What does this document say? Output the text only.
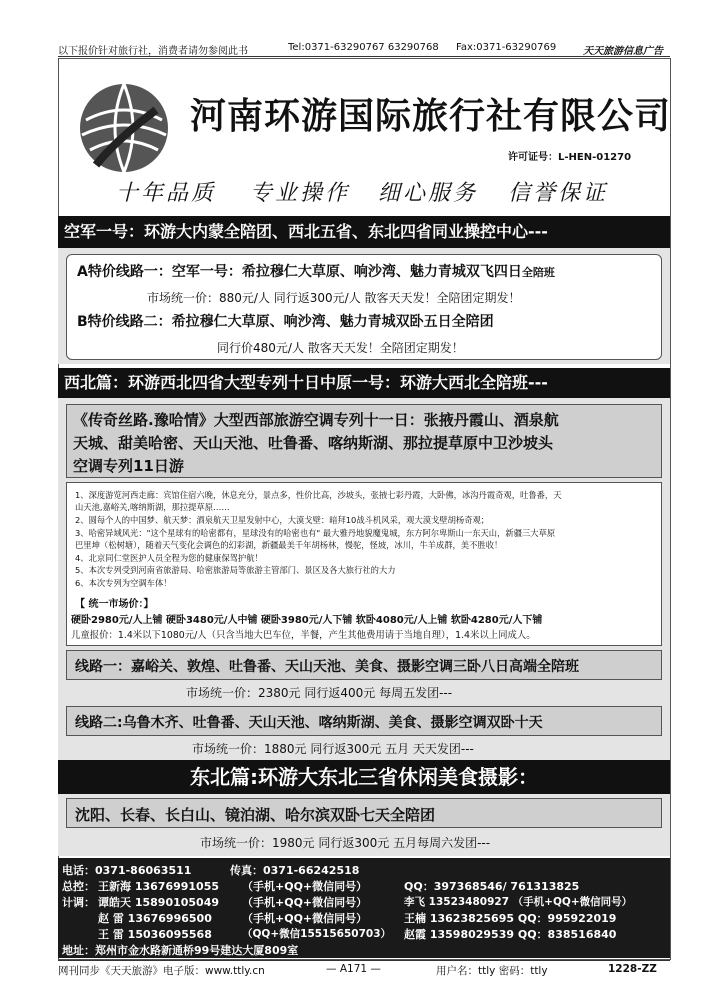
以下报价针对旅行社，消费者请勿参阅此书	Tel:0371-63290767 63290768 Fax:0371-63290769	天天旅游信息广告
河南环游国际旅行社有限公司
许可证号：L-HEN-01270
十年品质 专业操作 细心服务 信誉保证
空军一号：环游大内蒙全陪团、西北五省、东北四省同业操控中心---
A特价线路一：空军一号：希拉穆仁大草原、响沙湾、魅力青城双飞四日全陪班
市场统一价：880元/人 同行返300元/人 散客天天发！全陪团定期发！
B特价线路二：希拉穆仁大草原、响沙湾、魅力青城双卧五日全陪团
同行价480元/人 散客天天发！全陪团定期发！
西北篇：环游西北四省大型专列十日中原一号：环游大西北全陪班---
《传奇丝路.豫哈情》大型西部旅游空调专列十一日：张掖丹霞山、酒泉航
天城、甜美哈密、天山天池、吐鲁番、喀纳斯湖、那拉提草原中卫沙坡头
空调专列11日游
1、深度游览河西走廊：宾馆住宿六晚，休息充分，景点多，性价比高，沙坡头，张掖七彩丹霞，大卧佛，冰沟丹霞奇观，吐鲁番，天
山天池,嘉峪关,喀纳斯湖，那拉提草原……
2、圆每个人的中国梦、航天梦：酒泉航天卫星发射中心，大漠戈壁：暗拜10战斗机风采，观大漠戈壁胡杨奇观；
3、哈密异域风光："这个星球有的哈密都有，星球没有的哈密也有" 最大雅丹地貌魔鬼城，东方阿尔卑斯山一东天山，新疆三大草原
巴里坤（松树塘），随着天气变化会调色的幻彩湖，新疆最美千年胡杨林，慢驼，怪坡，冰川，牛羊成群，美不胜收！
4、北京同仁堂医护人员全程为您的健康保驾护航！
5、本次专列受到河南省旅游局、哈密旅游局等旅游主管部门、景区及各大旅行社的大力
6、本次专列为空调车体！
【 统一市场价：】
硬卧2980元/人上铺 硬卧3480元/人中铺 硬卧3980元/人下铺 软卧4080元/人上铺 软卧4280元/人下铺
儿童报价：1.4米以下1080元/人（只含当地大巴车位，半餐，产生其他费用请于当地自理），1.4米以上同成人。
线路一：嘉峪关、敦煌、吐鲁番、天山天池、美食、摄影空调三卧八日高端全陪班
市场统一价：2380元 同行返400元 每周五发团---
线路二:乌鲁木齐、吐鲁番、天山天池、喀纳斯湖、美食、摄影空调双卧十天
市场统一价：1880元 同行返300元 五月 天天发团---
东北篇:环游大东北三省休闲美食摄影：
沈阳、长春、长白山、镜泊湖、哈尔滨双卧七天全陪团
市场统一价：1980元 同行返300元 五月每周六发团---
电话：0371-86063511	传真：0371-66242518
总控： 王新海 13676991055 （手机+QQ+微信同号）	QQ：397368546/ 761313825
计调： 谭皓天 15890105049 （手机+QQ+微信同号）	李飞 13523480927 （手机+QQ+微信同号）
赵 雷 13676996500	（手机+QQ+微信同号）	王楠 13623825695 QQ：995922019
王 雷 15036095568	（QQ+微信15515650703） 赵霞 13598029539 QQ：838516840
地址：郑州市金水路新通桥99号建达大厦809室
网刊同步《天天旅游》电子版：www.ttly.cn	— A171 —	用户名：ttly 密码：ttly	1228-ZZ
